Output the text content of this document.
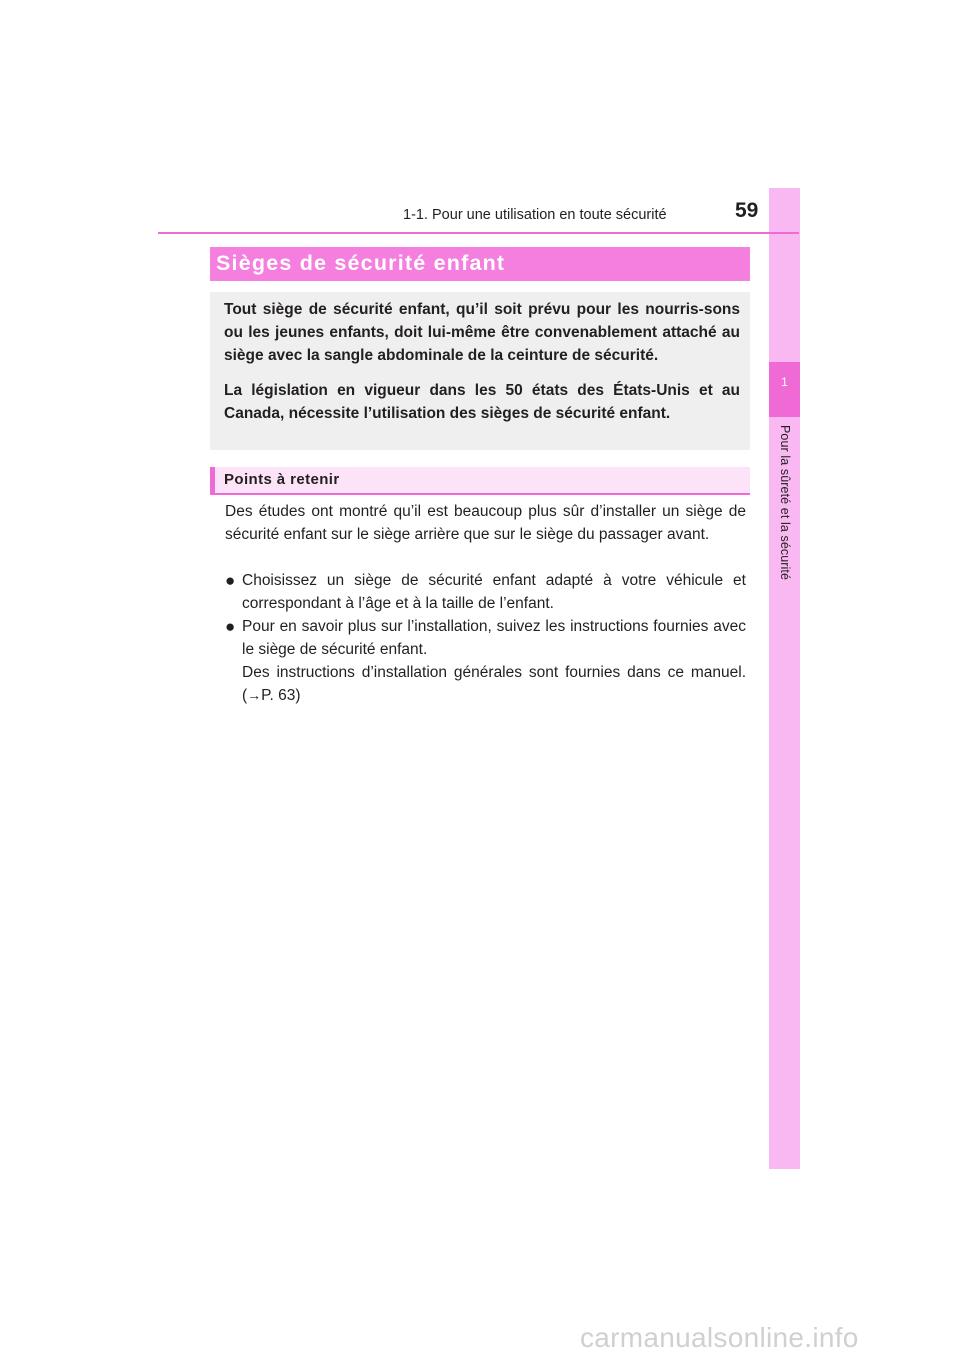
1
Pour la sûreté et la sécurité
1-1. Pour une utilisation en toute sécurité	59
Sièges de sécurité enfant

Tout siège de sécurité enfant, qu’il soit prévu pour les nourris-sons ou les jeunes enfants, doit lui-même être convenablement attaché au siège avec la sangle abdominale de la ceinture de sécurité.

La législation en vigueur dans les 50 états des États-Unis et au Canada, nécessite l’utilisation des sièges de sécurité enfant.

Points à retenir
Des études ont montré qu’il est beaucoup plus sûr d’installer un siège de sécurité enfant sur le siège arrière que sur le siège du passager avant.
● Choisissez un siège de sécurité enfant adapté à votre véhicule et correspondant à l’âge et à la taille de l’enfant.
● Pour en savoir plus sur l’installation, suivez les instructions fournies avec le siège de sécurité enfant.
Des instructions d’installation générales sont fournies dans ce manuel. (→P. 63)
carmanualsonline.info
